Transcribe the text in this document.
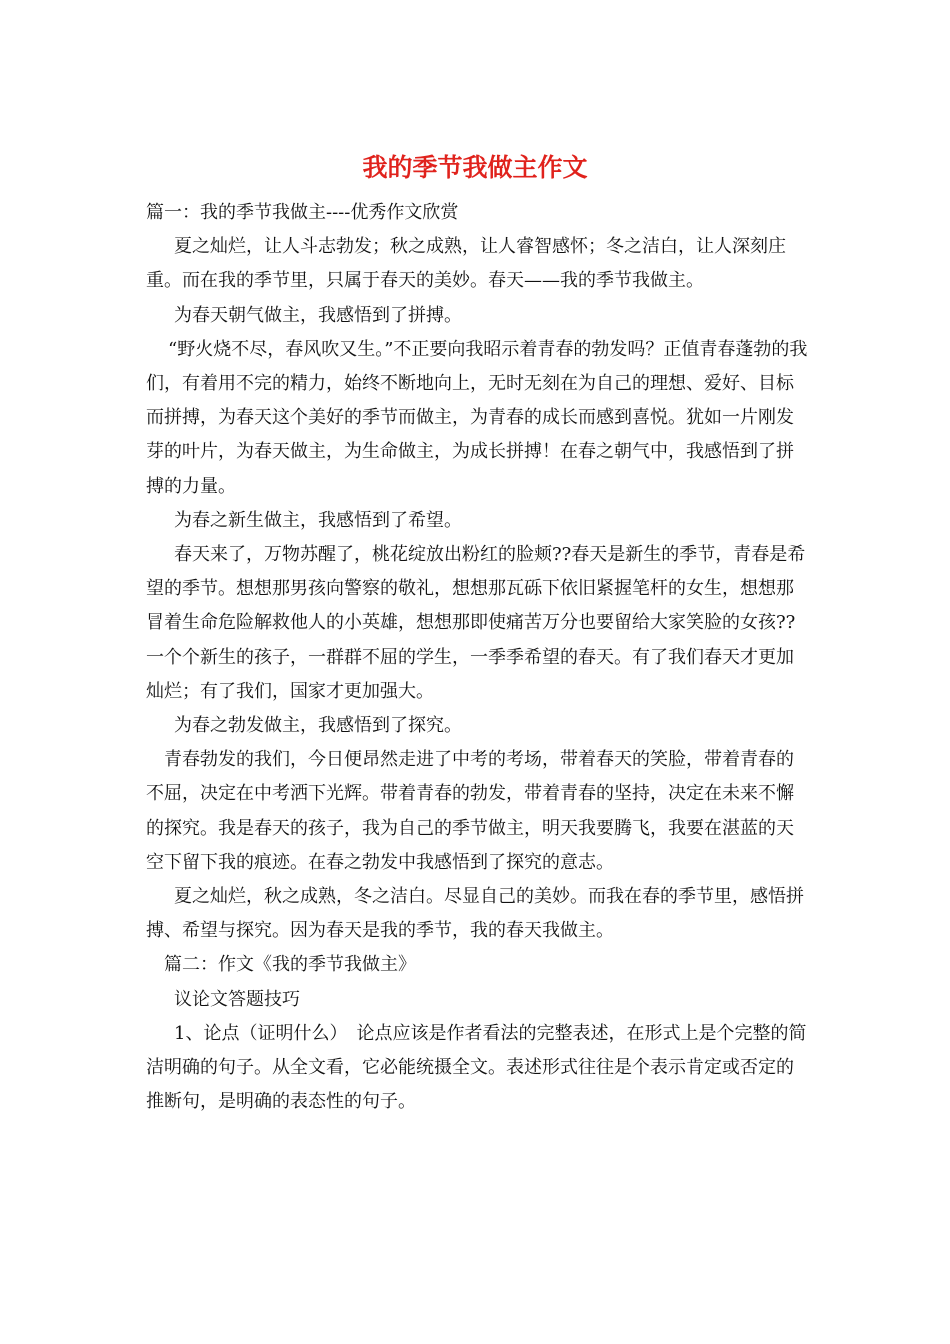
我的季节我做主作文

篇一：我的季节我做主----优秀作文欣赏

夏之灿烂，让人斗志勃发；秋之成熟，让人睿智感怀；冬之洁白，让人深刻庄重。而在我的季节里，只属于春天的美妙。春天——我的季节我做主。

为春天朝气做主，我感悟到了拼搏。

“野火烧不尽，春风吹又生。”不正要向我昭示着青春的勃发吗？正值青春蓬勃的我们，有着用不完的精力，始终不断地向上，无时无刻在为自己的理想、爱好、目标而拼搏，为春天这个美好的季节而做主，为青春的成长而感到喜悦。犹如一片刚发芽的叶片，为春天做主，为生命做主，为成长拼搏！在春之朝气中，我感悟到了拼搏的力量。

为春之新生做主，我感悟到了希望。

春天来了，万物苏醒了，桃花绽放出粉红的脸颊??春天是新生的季节，青春是希望的季节。想想那男孩向警察的敬礼，想想那瓦砾下依旧紧握笔杆的女生，想想那冒着生命危险解救他人的小英雄，想想那即使痛苦万分也要留给大家笑脸的女孩??一个个新生的孩子，一群群不屈的学生，一季季希望的春天。有了我们春天才更加灿烂；有了我们，国家才更加强大。

为春之勃发做主，我感悟到了探究。

青春勃发的我们，今日便昂然走进了中考的考场，带着春天的笑脸，带着青春的不屈，决定在中考洒下光辉。带着青春的勃发，带着青春的坚持，决定在未来不懈的探究。我是春天的孩子，我为自己的季节做主，明天我要腾飞，我要在湛蓝的天空下留下我的痕迹。在春之勃发中我感悟到了探究的意志。

夏之灿烂，秋之成熟，冬之洁白。尽显自己的美妙。而我在春的季节里，感悟拼搏、希望与探究。因为春天是我的季节，我的春天我做主。

篇二：作文《我的季节我做主》

议论文答题技巧

1、论点（证明什么）　论点应该是作者看法的完整表述，在形式上是个完整的简洁明确的句子。从全文看，它必能统摄全文。表述形式往往是个表示肯定或否定的推断句，是明确的表态性的句子。
